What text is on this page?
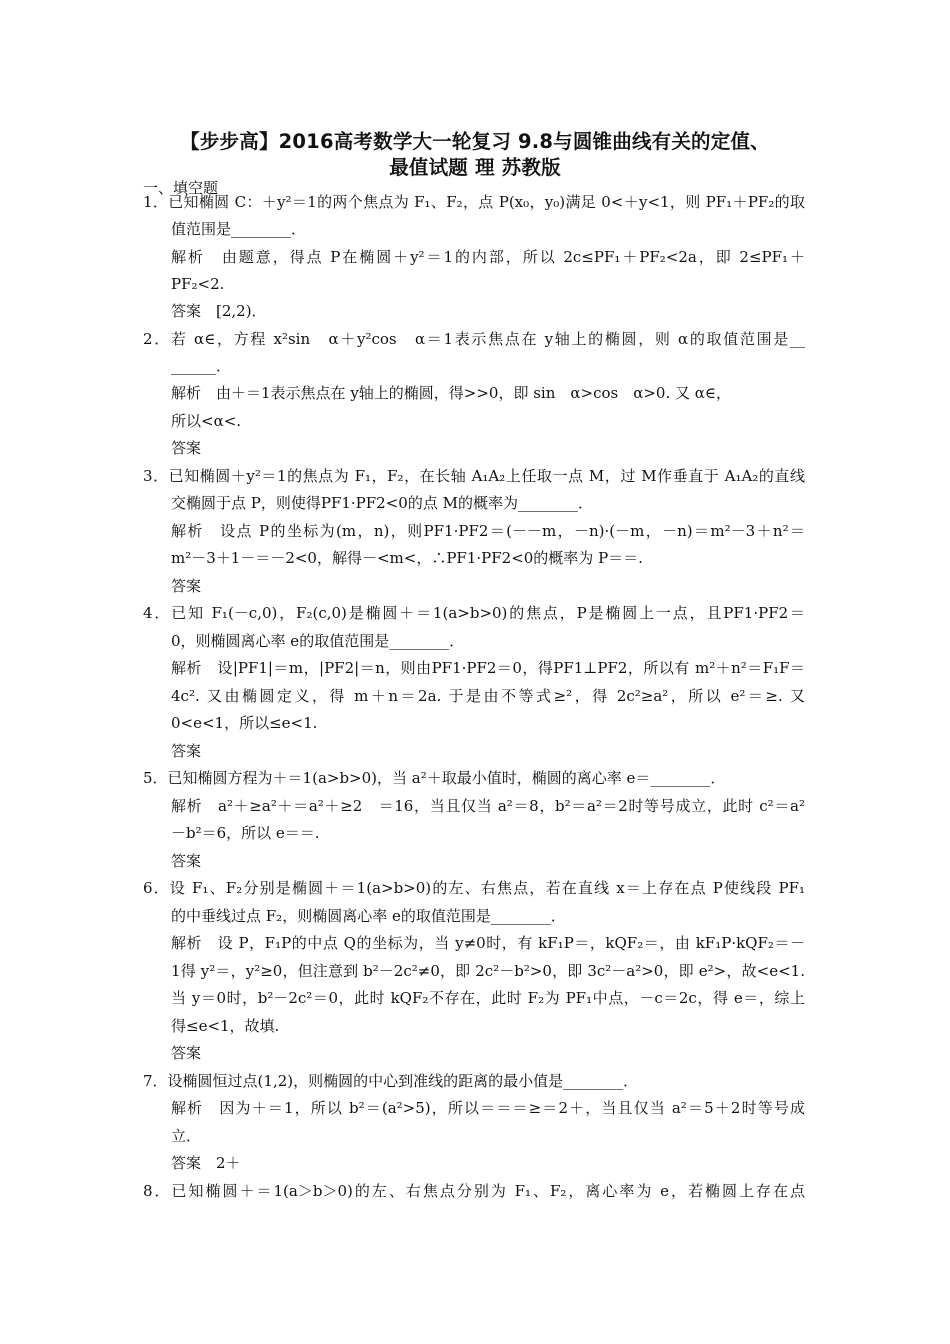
【步步高】2016高考数学大一轮复习 9.8与圆锥曲线有关的定值、
最值试题 理 苏教版
一、填空题
1．已知椭圆 C：＋y²＝1的两个焦点为 F₁、F₂，点 P(x₀，y₀)满足 0<＋y<1，则 PF₁＋PF₂的取
值范围是________．
解析　由题意，得点 P在椭圆＋y²＝1的内部，所以 2c≤PF₁＋PF₂<2a，即 2≤PF₁＋
PF₂<2.
答案　[2,2)．
2．若 α∈，方程 x²sin　α＋y²cos　α＝1表示焦点在 y轴上的椭圆，则 α的取值范围是__
______．
解析　由＋＝1表示焦点在 y轴上的椭圆，得>>0，即 sin　α>cos　α>0. 又 α∈，
所以<α<.
答案
3．已知椭圆＋y²＝1的焦点为 F₁，F₂，在长轴 A₁A₂上任取一点 M，过 M作垂直于 A₁A₂的直线
交椭圆于点 P，则使得PF1·PF2<0的点 M的概率为________．
解析　设点 P的坐标为(m，n)，则PF1·PF2＝(－－m，－n)·(－m，－n)＝m²－3＋n²＝
m²－3＋1－＝－2<0，解得－<m<，∴PF1·PF2<0的概率为 P＝＝.
答案
4．已知 F₁(－c,0)，F₂(c,0)是椭圆＋＝1(a>b>0)的焦点，P是椭圆上一点，且PF1·PF2＝
0，则椭圆离心率 e的取值范围是________．
解析　设|PF1|＝m，|PF2|＝n，则由PF1·PF2＝0，得PF1⊥PF2，所以有 m²＋n²＝F₁F＝
4c². 又由椭圆定义，得 m＋n＝2a. 于是由不等式≥²，得 2c²≥a²，所以 e²＝≥. 又
0<e<1，所以≤e<1.
答案
5．已知椭圆方程为＋＝1(a>b>0)，当 a²＋取最小值时，椭圆的离心率 e＝________．
解析　a²＋≥a²＋＝a²＋≥2　＝16，当且仅当 a²＝8，b²＝a²＝2时等号成立，此时 c²＝a²
－b²＝6，所以 e＝＝.
答案
6．设 F₁、F₂分别是椭圆＋＝1(a>b>0)的左、右焦点，若在直线 x＝上存在点 P使线段 PF₁
的中垂线过点 F₂，则椭圆离心率 e的取值范围是________．
解析　设 P，F₁P的中点 Q的坐标为，当 y≠0时，有 kF₁P＝，kQF₂＝，由 kF₁P·kQF₂＝－
1得 y²＝，y²≥0，但注意到 b²－2c²≠0，即 2c²－b²>0，即 3c²－a²>0，即 e²>，故<e<1.
当 y＝0时，b²－2c²＝0，此时 kQF₂不存在，此时 F₂为 PF₁中点，－c＝2c，得 e＝，综上
得≤e<1，故填.
答案
7．设椭圆恒过点(1,2)，则椭圆的中心到准线的距离的最小值是________．
解析　因为＋＝1，所以 b²＝(a²>5)，所以＝＝＝≥＝2＋，当且仅当 a²＝5＋2时等号成
立．
答案　2＋
8．已知椭圆＋＝1(a＞b＞0)的左、右焦点分别为 F₁、F₂，离心率为 e，若椭圆上存在点
